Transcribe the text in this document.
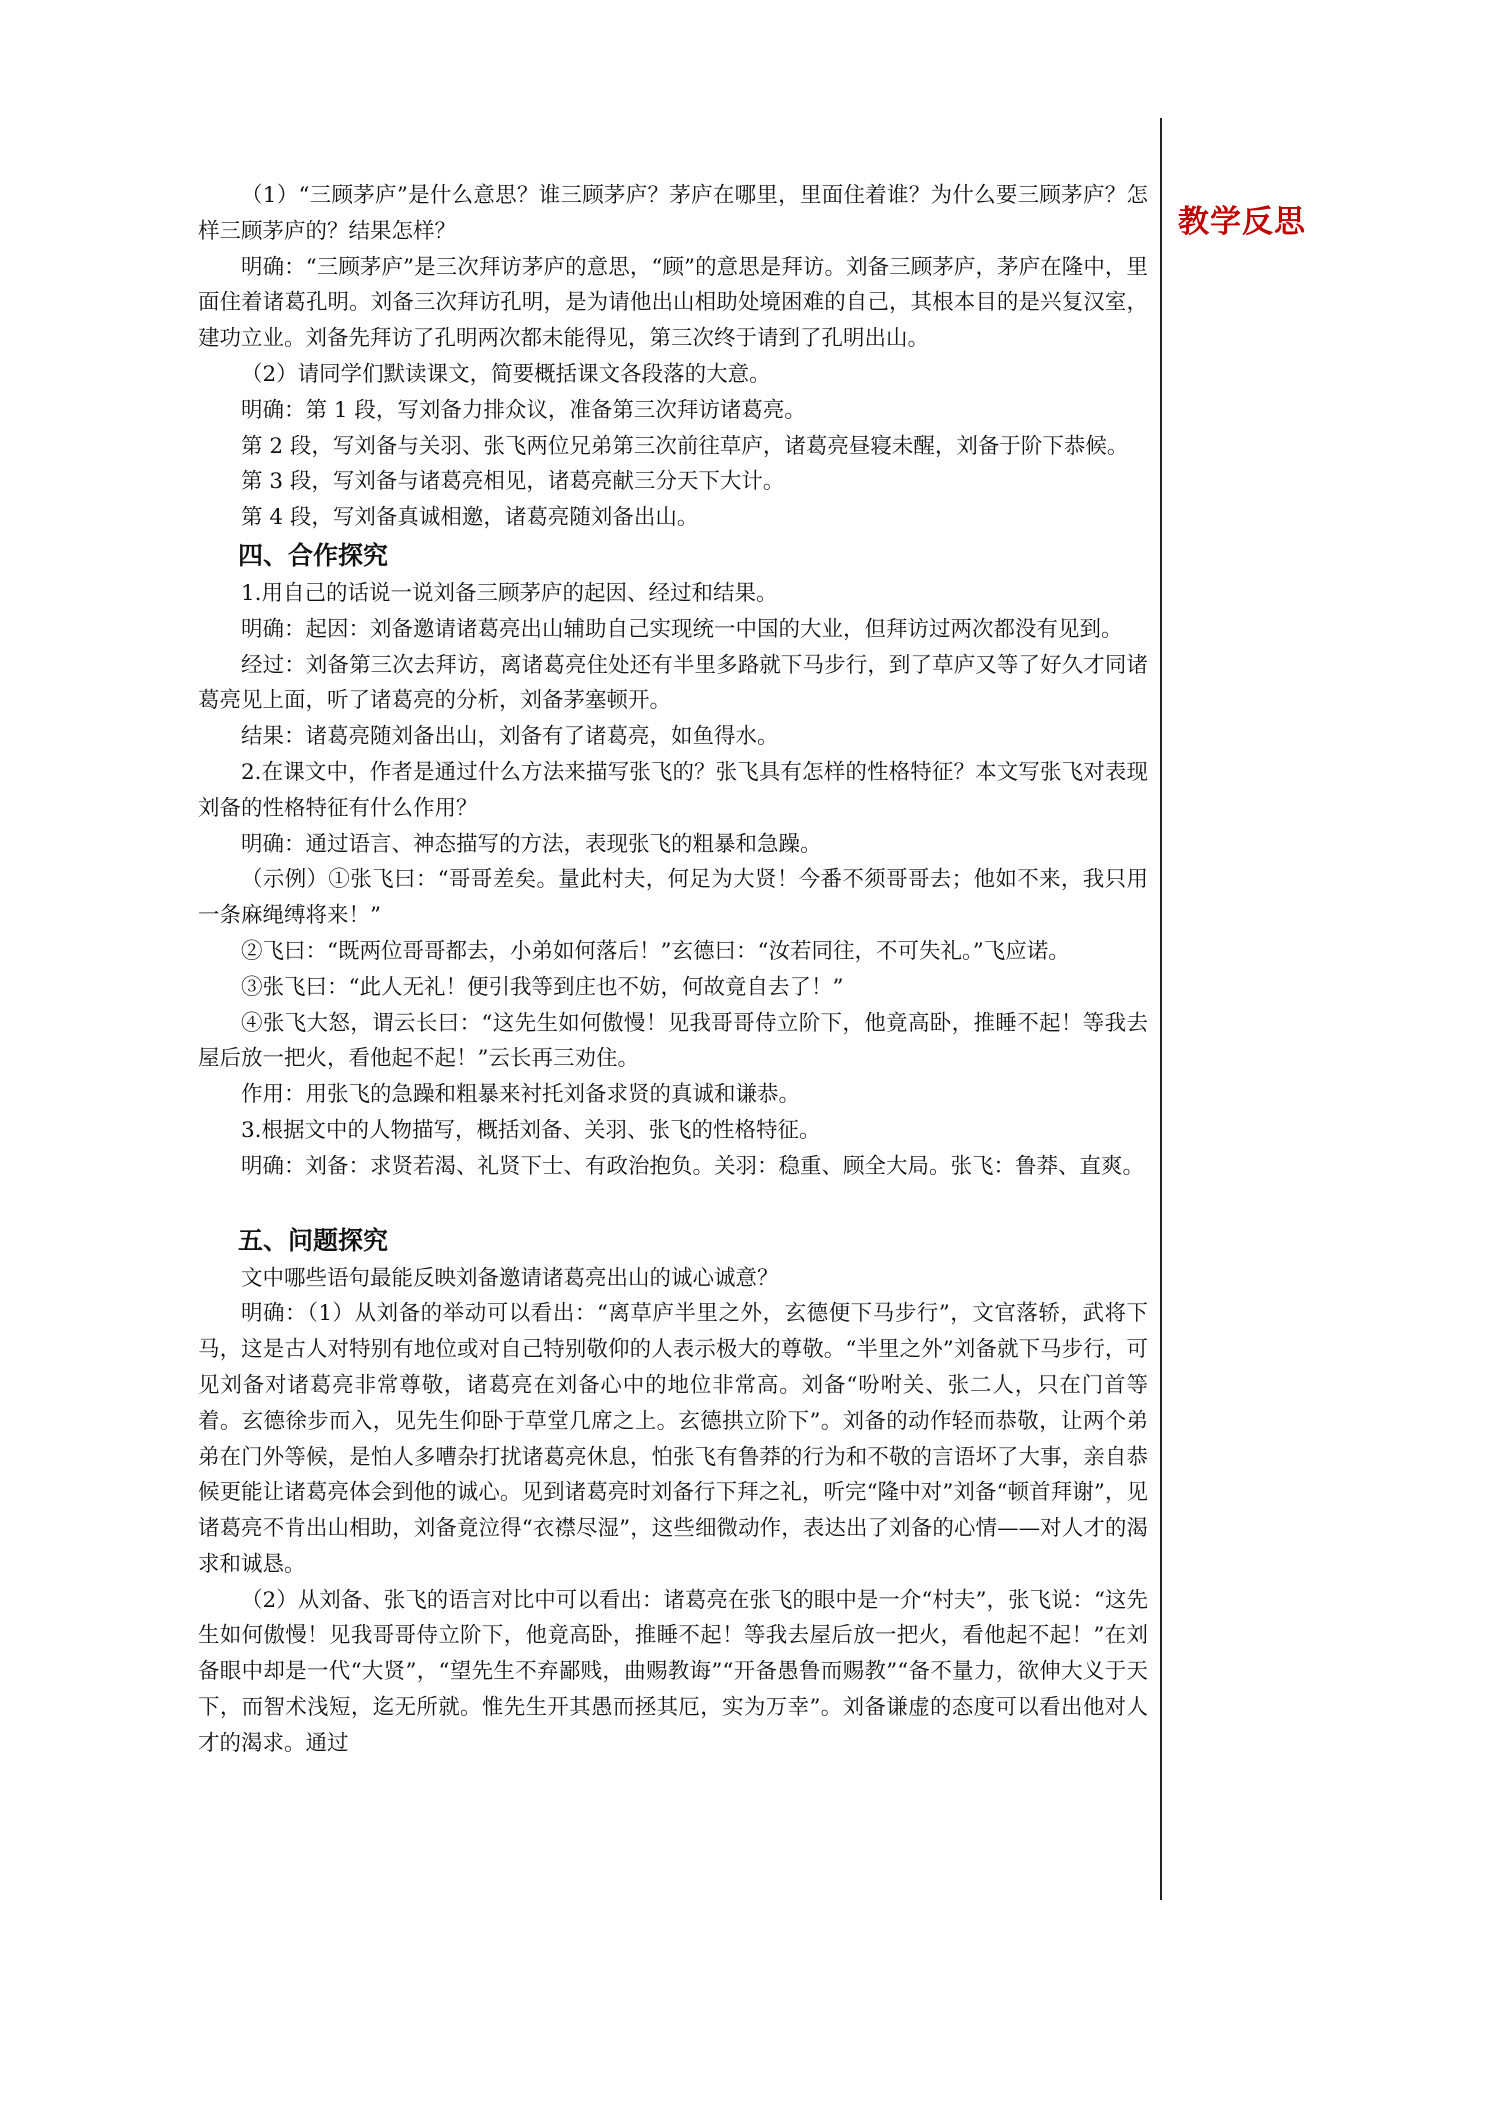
教学反思

（1）“三顾茅庐”是什么意思？谁三顾茅庐？茅庐在哪里，里面住着谁？为什么要三顾茅庐？怎样三顾茅庐的？结果怎样？

明确：“三顾茅庐”是三次拜访茅庐的意思，“顾”的意思是拜访。刘备三顾茅庐，茅庐在隆中，里面住着诸葛孔明。刘备三次拜访孔明，是为请他出山相助处境困难的自己，其根本目的是兴复汉室，建功立业。刘备先拜访了孔明两次都未能得见，第三次终于请到了孔明出山。

（2）请同学们默读课文，简要概括课文各段落的大意。

明确：第 1 段，写刘备力排众议，准备第三次拜访诸葛亮。

第 2 段，写刘备与关羽、张飞两位兄弟第三次前往草庐，诸葛亮昼寝未醒，刘备于阶下恭候。

第 3 段，写刘备与诸葛亮相见，诸葛亮献三分天下大计。

第 4 段，写刘备真诚相邀，诸葛亮随刘备出山。

四、合作探究

1.用自己的话说一说刘备三顾茅庐的起因、经过和结果。

明确：起因：刘备邀请诸葛亮出山辅助自己实现统一中国的大业，但拜访过两次都没有见到。

经过：刘备第三次去拜访，离诸葛亮住处还有半里多路就下马步行，到了草庐又等了好久才同诸葛亮见上面，听了诸葛亮的分析，刘备茅塞顿开。

结果：诸葛亮随刘备出山，刘备有了诸葛亮，如鱼得水。

2.在课文中，作者是通过什么方法来描写张飞的？张飞具有怎样的性格特征？本文写张飞对表现刘备的性格特征有什么作用？

明确：通过语言、神态描写的方法，表现张飞的粗暴和急躁。

（示例）①张飞曰：“哥哥差矣。量此村夫，何足为大贤！今番不须哥哥去；他如不来，我只用一条麻绳缚将来！”

②飞曰：“既两位哥哥都去，小弟如何落后！”玄德曰：“汝若同往，不可失礼。”飞应诺。

③张飞曰：“此人无礼！便引我等到庄也不妨，何故竟自去了！”

④张飞大怒，谓云长曰：“这先生如何傲慢！见我哥哥侍立阶下，他竟高卧，推睡不起！等我去屋后放一把火，看他起不起！”云长再三劝住。

作用：用张飞的急躁和粗暴来衬托刘备求贤的真诚和谦恭。

3.根据文中的人物描写，概括刘备、关羽、张飞的性格特征。

明确：刘备：求贤若渴、礼贤下士、有政治抱负。关羽：稳重、顾全大局。张飞：鲁莽、直爽。

五、问题探究

文中哪些语句最能反映刘备邀请诸葛亮出山的诚心诚意？

明确：（1）从刘备的举动可以看出：“离草庐半里之外，玄德便下马步行”，文官落轿，武将下马，这是古人对特别有地位或对自己特别敬仰的人表示极大的尊敬。“半里之外”刘备就下马步行，可见刘备对诸葛亮非常尊敬，诸葛亮在刘备心中的地位非常高。刘备“吩咐关、张二人，只在门首等着。玄德徐步而入，见先生仰卧于草堂几席之上。玄德拱立阶下”。刘备的动作轻而恭敬，让两个弟弟在门外等候，是怕人多嘈杂打扰诸葛亮休息，怕张飞有鲁莽的行为和不敬的言语坏了大事，亲自恭候更能让诸葛亮体会到他的诚心。见到诸葛亮时刘备行下拜之礼，听完“隆中对”刘备“顿首拜谢”，见诸葛亮不肯出山相助，刘备竟泣得“衣襟尽湿”，这些细微动作，表达出了刘备的心情——对人才的渴求和诚恳。

（2）从刘备、张飞的语言对比中可以看出：诸葛亮在张飞的眼中是一介“村夫”，张飞说：“这先生如何傲慢！见我哥哥侍立阶下，他竟高卧，推睡不起！等我去屋后放一把火，看他起不起！”在刘备眼中却是一代“大贤”，“望先生不弃鄙贱，曲赐教诲”“开备愚鲁而赐教”“备不量力，欲伸大义于天下，而智术浅短，迄无所就。惟先生开其愚而拯其厄，实为万幸”。刘备谦虚的态度可以看出他对人才的渴求。通过
